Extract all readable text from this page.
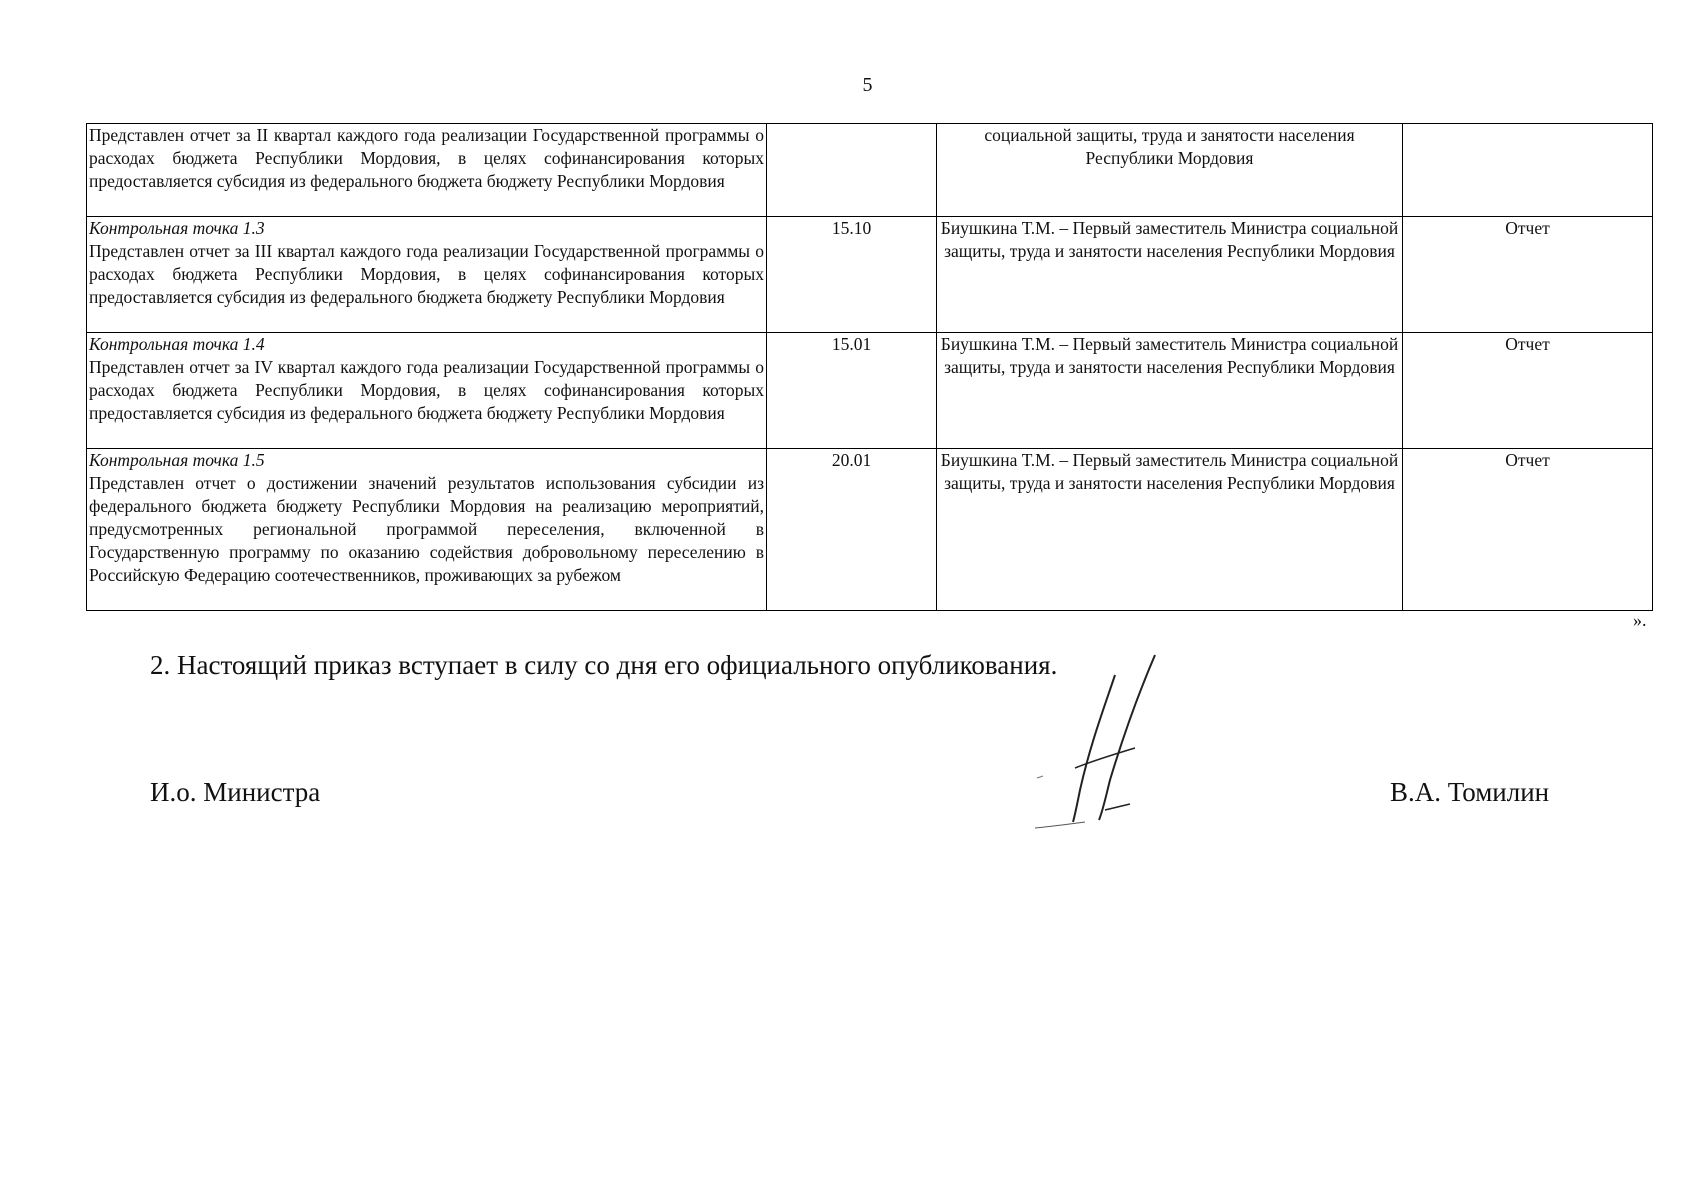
5
Представлен отчет за II квартал каждого года реализации Государственной программы о расходах бюджета Республики Мордовия, в целях софинансирования которых предоставляется субсидия из федерального бюджета бюджету Республики Мордовия		социальной защиты, труда и занятости населения Республики Мордовия	

Контрольная точка 1.3
Представлен отчет за III квартал каждого года реализации Государственной программы о расходах бюджета Республики Мордовия, в целях софинансирования которых предоставляется субсидия из федерального бюджета бюджету Республики Мордовия	15.10	Биушкина Т.М. – Первый заместитель Министра социальной защиты, труда и занятости населения Республики Мордовия	Отчет

Контрольная точка 1.4
Представлен отчет за IV квартал каждого года реализации Государственной программы о расходах бюджета Республики Мордовия, в целях софинансирования которых предоставляется субсидия из федерального бюджета бюджету Республики Мордовия	15.01	Биушкина Т.М. – Первый заместитель Министра социальной защиты, труда и занятости населения Республики Мордовия	Отчет

Контрольная точка 1.5
Представлен отчет о достижении значений результатов использования субсидии из федерального бюджета бюджету Республики Мордовия на реализацию мероприятий, предусмотренных региональной программой переселения, включенной в Государственную программу по оказанию содействия добровольному переселению в Российскую Федерацию соотечественников, проживающих за рубежом	20.01	Биушкина Т.М. – Первый заместитель Министра социальной защиты, труда и занятости населения Республики Мордовия	Отчет
».
2. Настоящий приказ вступает в силу со дня его официального опубликования.
И.о. Министра	В.А. Томилин
